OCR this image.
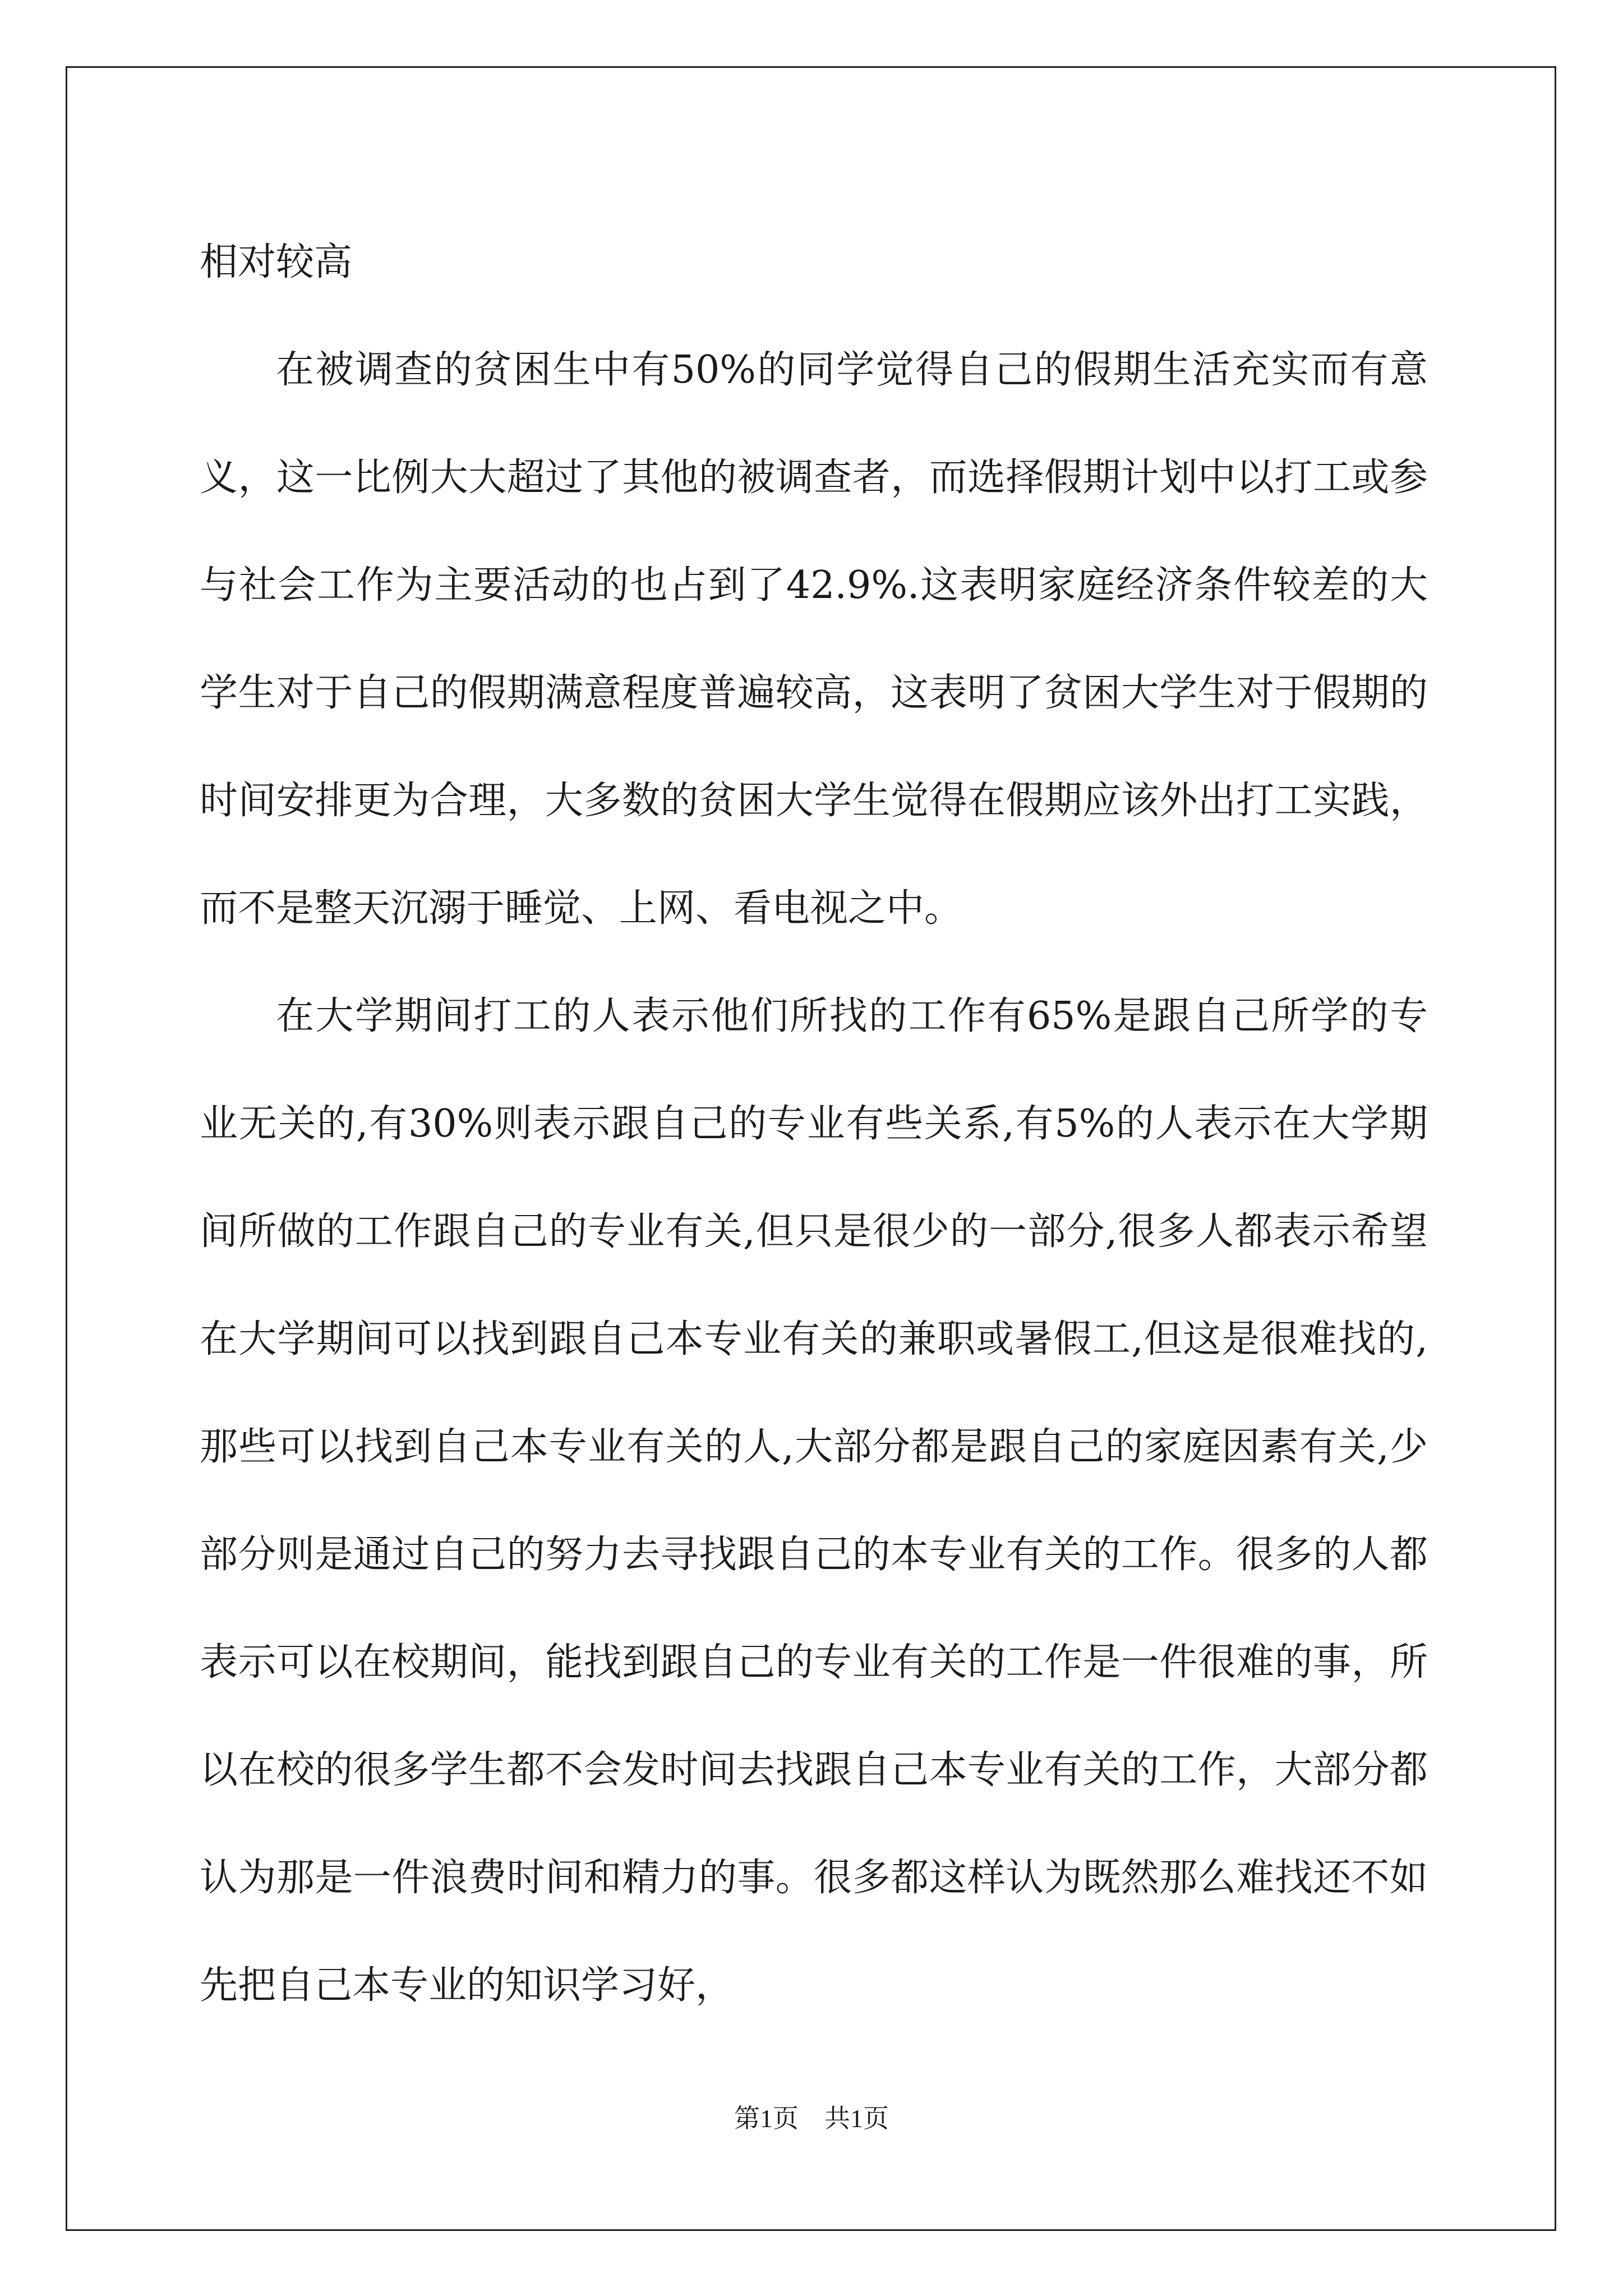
相对较高

在被调查的贫困生中有50%的同学觉得自己的假期生活充实而有意义，这一比例大大超过了其他的被调查者，而选择假期计划中以打工或参与社会工作为主要活动的也占到了42.9%.这表明家庭经济条件较差的大学生对于自己的假期满意程度普遍较高，这表明了贫困大学生对于假期的时间安排更为合理，大多数的贫困大学生觉得在假期应该外出打工实践，而不是整天沉溺于睡觉、上网、看电视之中。

在大学期间打工的人表示他们所找的工作有65%是跟自己所学的专业无关的,有30%则表示跟自己的专业有些关系,有5%的人表示在大学期间所做的工作跟自己的专业有关,但只是很少的一部分,很多人都表示希望在大学期间可以找到跟自己本专业有关的兼职或暑假工,但这是很难找的,那些可以找到自己本专业有关的人,大部分都是跟自己的家庭因素有关,少部分则是通过自己的努力去寻找跟自己的本专业有关的工作。很多的人都表示可以在校期间，能找到跟自己的专业有关的工作是一件很难的事，所以在校的很多学生都不会发时间去找跟自己本专业有关的工作，大部分都认为那是一件浪费时间和精力的事。很多都这样认为既然那么难找还不如先把自己本专业的知识学习好，

第1页　共1页
